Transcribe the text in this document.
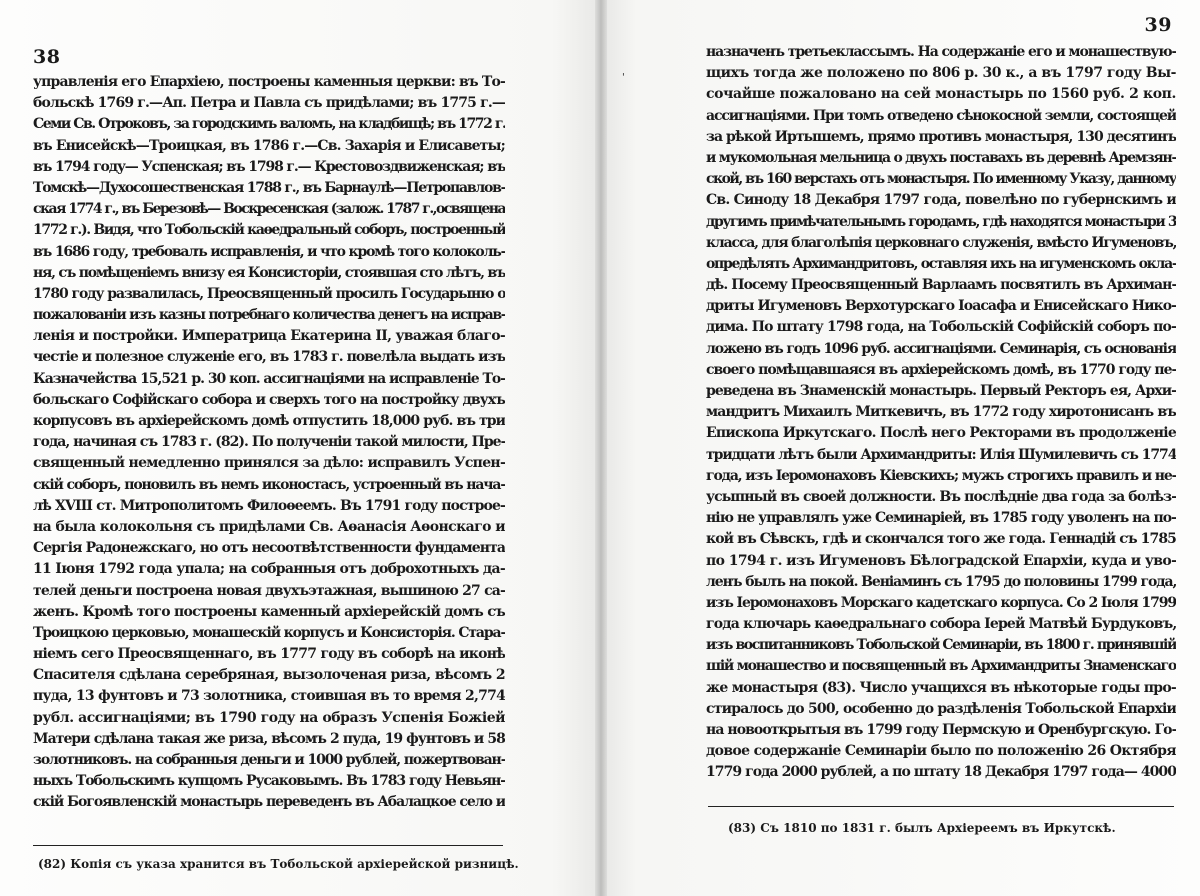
38
управленія его Епархіею, построены каменныя церкви: въ То-
больскѣ 1769 г.—Ап. Петра и Павла съ придѣлами; въ 1775 г.—
Семи Св. Отроковъ, за городскимъ валомъ, на кладбищѣ; въ 1772 г.
въ Енисейскѣ—Троицкая, въ 1786 г.—Св. Захарія и Елисаветы;
въ 1794 году— Успенская; въ 1798 г.— Крестовоздвиженская; въ
Томскѣ—Духосошественская 1788 г., въ Барнаулѣ—Петропавлов-
ская 1774 г., въ Березовѣ— Воскресенская (залож. 1787 г.,освящена
1772 г.). Видя, что Тобольскій каѳедральный соборъ, построенный
въ 1686 году, требовалъ исправленія, и что кромѣ того колоколь-
ня, съ помѣщеніемъ внизу ея Консисторіи, стоявшая сто лѣтъ, въ
1780 году развалилась, Преосвященный просилъ Государыню о
пожалованіи изъ казны потребнаго количества денегъ на исправ-
ленія и постройки. Императрица Екатерина II, уважая благо-
честіе и полезное служеніе его, въ 1783 г. повелѣла выдать изъ
Казначейства 15,521 р. 30 коп. ассигнаціями на исправленіе То-
больскаго Софійскаго собора и сверхъ того на постройку двухъ
корпусовъ въ архіерейскомъ домѣ отпустить 18,000 руб. въ три
года, начиная съ 1783 г. (82). По полученіи такой милости, Пре-
священный немедленно принялся за дѣло: исправилъ Успен-
скій соборъ, поновилъ въ немъ иконостасъ, устроенный въ нача-
лѣ XVIII ст. Митрополитомъ Филоѳеемъ. Въ 1791 году построе-
на была колокольня съ придѣлами Св. Аѳанасія Аѳонскаго и
Сергія Радонежскаго, но отъ несоотвѣтственности фундамента
11 Іюня 1792 года упала; на собранныя отъ доброхотныхъ да-
телей деньги построена новая двухъэтажная, вышиною 27 са-
женъ. Кромѣ того построены каменный архіерейскій домъ съ
Троицкою церковью, монашескій корпусъ и Консисторія. Стара-
ніемъ сего Преосвященнаго, въ 1777 году въ соборѣ на иконѣ
Спасителя сдѣлана серебряная, вызолоченая риза, вѣсомъ 2
пуда, 13 фунтовъ и 73 золотника, стоившая въ то время 2,774
рубл. ассигнаціями; въ 1790 году на образъ Успенія Божіей
Матери сдѣлана такая же риза, вѣсомъ 2 пуда, 19 фунтовъ и 58
золотниковъ. на собранныя деньги и 1000 рублей, пожертвован-
ныхъ Тобольскимъ купцомъ Русаковымъ. Въ 1783 году Невьян-
скій Богоявленскій монастырь переведенъ въ Абалацкое село и
(82) Копія съ указа хранится въ Тобольской архіерейской ризницѣ.
39
назначенъ третьеклассымъ. На содержаніе его и монашествую-
щихъ тогда же положено по 806 р. 30 к., а въ 1797 году Вы-
сочайше пожаловано на сей монастырь по 1560 руб. 2 коп.
ассигнаціями. При томъ отведено сѣнокосной земли, состоящей
за рѣкой Иртышемъ, прямо противъ монастыря, 130 десятинъ
и мукомольная мельница о двухъ поставахъ въ деревнѣ Аремзян-
ской, въ 160 верстахъ отъ монастыря. По именному Указу, данному
Св. Синоду 18 Декабря 1797 года, повелѣно по губернскимъ и
другимъ примѣчательнымъ городамъ, гдѣ находятся монастыри 3
класса, для благолѣпія церковнаго служенія, вмѣсто Игуменовъ,
опредѣлять Архимандритовъ, оставляя ихъ на игуменскомъ окла-
дѣ. Посему Преосвященный Варлаамъ посвятилъ въ Архиман-
дриты Игуменовъ Верхотурскаго Іоасафа и Енисейскаго Нико-
дима. По штату 1798 года, на Тобольскій Софійскій соборъ по-
ложено въ годъ 1096 руб. ассигнаціями. Семинарія, съ основанія
своего помѣщавшаяся въ архіерейскомъ домѣ, въ 1770 году пе-
реведена въ Знаменскій монастырь. Первый Ректоръ ея, Архи-
мандритъ Михаилъ Миткевичъ, въ 1772 году хиротонисанъ въ
Епископа Иркутскаго. Послѣ него Ректорами въ продолженіе
тридцати лѣтъ были Архимандриты: Илія Шумилевичъ съ 1774
года, изъ Іеромонаховъ Кіевскихъ; мужъ строгихъ правилъ и не-
усыпный въ своей должности. Въ послѣдніе два года за болѣз-
нію не управлялъ уже Семинаріей, въ 1785 году уволенъ на по-
кой въ Сѣвскъ, гдѣ и скончался того же года. Геннадій съ 1785
по 1794 г. изъ Игуменовъ Бѣлоградской Епархіи, куда и уво-
ленъ былъ на покой. Веніаминъ съ 1795 до половины 1799 года,
изъ Іеромонаховъ Морскаго кадетскаго корпуса. Со 2 Іюля 1799
года ключарь каѳедральнаго собора Іерей Матвѣй Бурдуковъ,
изъ воспитанниковъ Тобольской Семинаріи, въ 1800 г. принявшій
шій монашество и посвященный въ Архимандриты Знаменскаго
же монастыря (83). Число учащихся въ нѣкоторые годы про-
стиралось до 500, особенно до раздѣленія Тобольской Епархіи
на новооткрытыя въ 1799 году Пермскую и Оренбургскую. Го-
довое содержаніе Семинаріи было по положенію 26 Октября
1779 года 2000 рублей, а по штату 18 Декабря 1797 года— 4000
(83) Съ 1810 по 1831 г. былъ Архіереемъ въ Иркутскѣ.
'
